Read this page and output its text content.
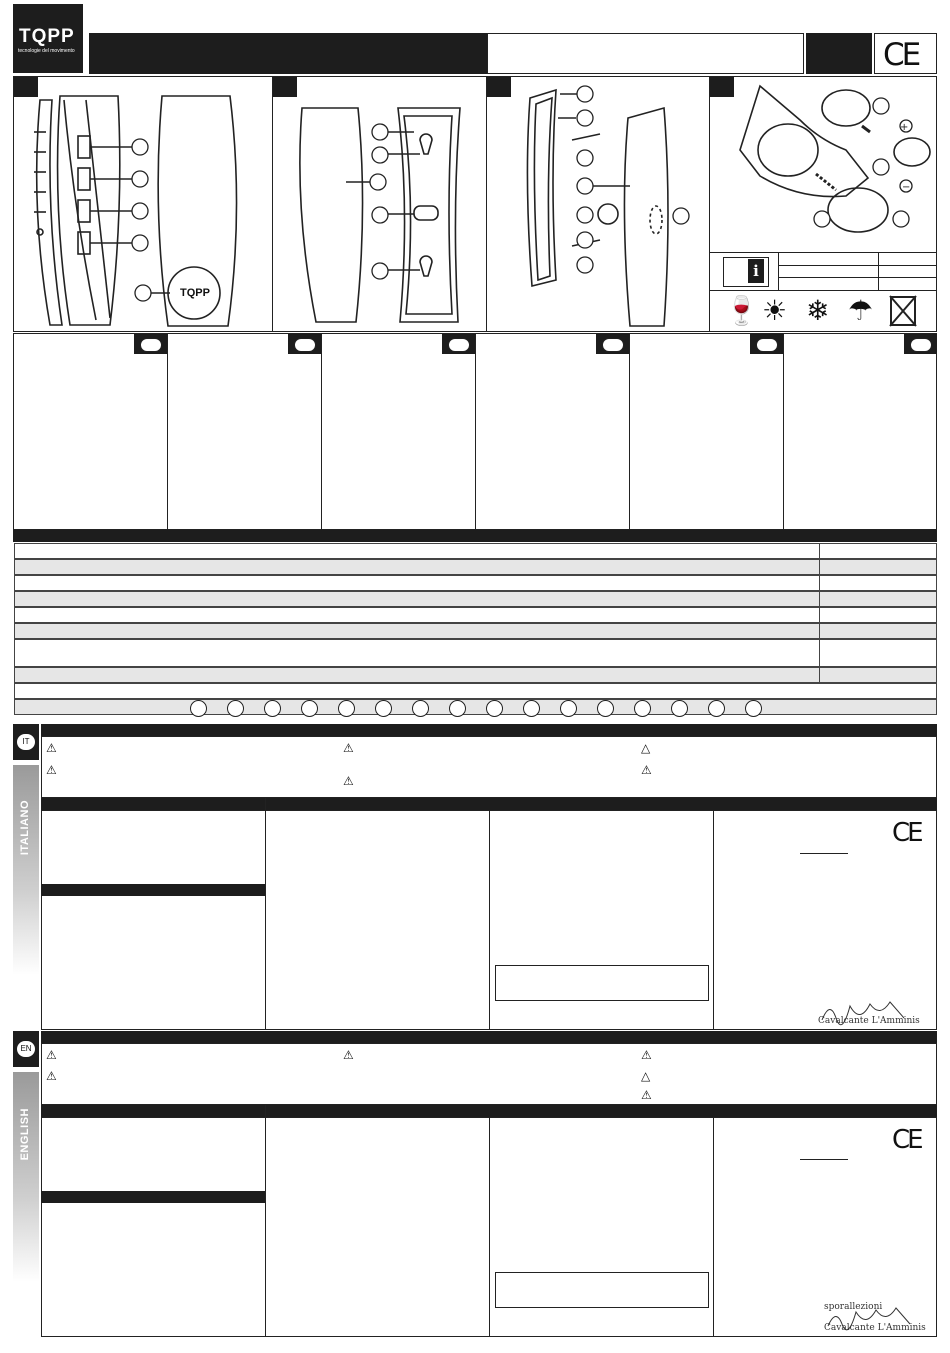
TQPP
tecnologie del movimento	CE
+
−
TQPP
i
🍷 ☀ ❄ ☂
IT
ITALIANO
⚠
⚠
⚠
⚠
△
⚠
CE
Cavalcante L'Amminis
EN
ENGLISH
⚠
⚠
⚠	⚠
△
⚠
CE
sporallezioni
Cavalcante L'Amminis
